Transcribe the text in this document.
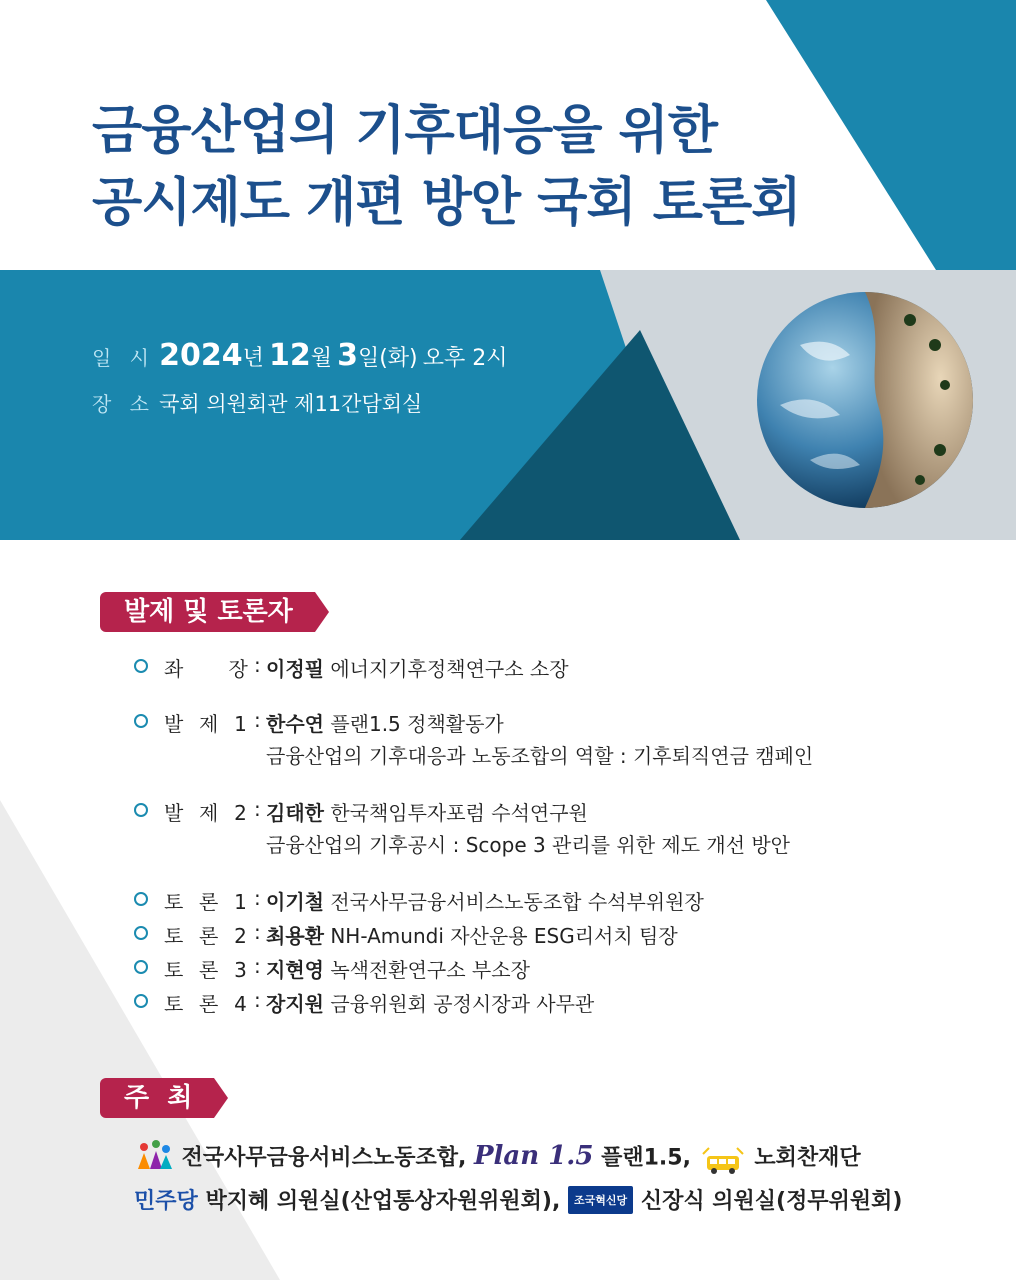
금융산업의 기후대응을 위한
공시제도 개편 방안 국회 토론회
일 시 2024년 12월 3일(화) 오후 2시
장 소 국회 의원회관 제11간담회실
발제 및 토론자
좌      장 : 이정필 에너지기후정책연구소 소장
발  제  1 : 한수연 플랜1.5 정책활동가
금융산업의 기후대응과 노동조합의 역할 : 기후퇴직연금 캠페인
발  제  2 : 김태한 한국책임투자포럼 수석연구원
금융산업의 기후공시 : Scope 3 관리를 위한 제도 개선 방안
토  론  1 : 이기철 전국사무금융서비스노동조합 수석부위원장
토  론  2 : 최용환 NH-Amundi 자산운용 ESG리서치 팀장
토  론  3 : 지현영 녹색전환연구소 부소장
토  론  4 : 장지원 금융위원회 공정시장과 사무관
주  최
전국사무금융서비스노동조합, Plan 1.5 플랜1.5,	노회찬재단
민주당 박지혜 의원실(산업통상자원위원회), 조국혁신당 신장식 의원실(정무위원회)
